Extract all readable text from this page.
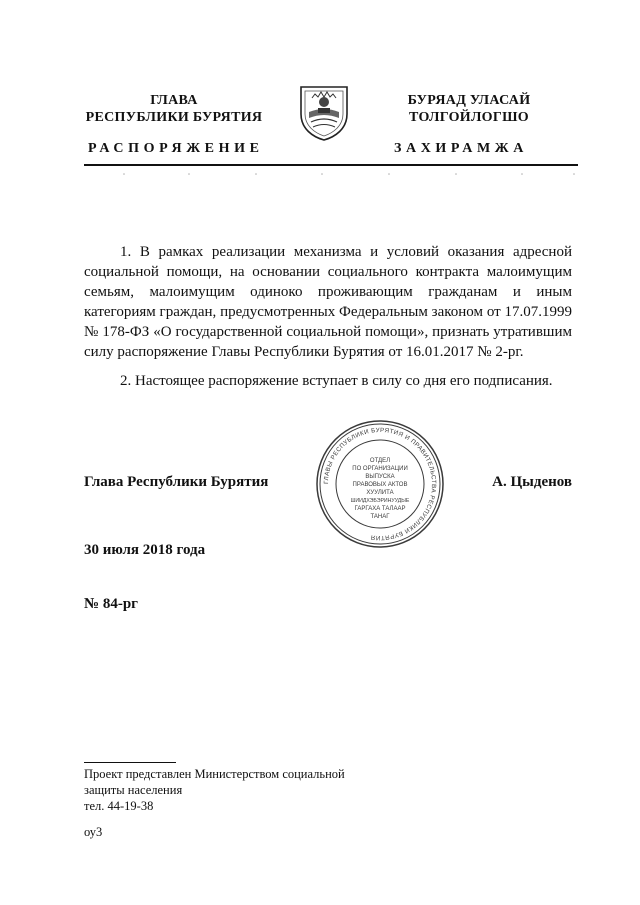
ГЛАВА
РЕСПУБЛИКИ БУРЯТИЯ
БУРЯАД УЛАСАЙ
ТОЛГОЙЛОГШО
РАСПОРЯЖЕНИЕ	ЗАХИРАМЖА
1. В рамках реализации механизма и условий оказания адресной социальной помощи, на основании социального контракта малоимущим семьям, малоимущим одиноко проживающим гражданам и иным категориям граждан, предусмотренных Федеральным законом от 17.07.1999 № 178-ФЗ «О государственной социальной помощи», признать утратившим силу распоряжение Главы Республики Бурятия от 16.01.2017 № 2-рг.
2. Настоящее распоряжение вступает в силу со дня его подписания.
Глава Республики Бурятия	А. Цыденов
ГЛАВЫ РЕСПУБЛИКИ БУРЯТИЯ И ПРАВИТЕЛЬСТВА РЕСПУБЛИКИ БУРЯТИЯ
ОТДЕЛ
ПО ОРГАНИЗАЦИИ
ВЫПУСКА
ПРАВОВЫХ АКТОВ
ХУУЛИТА
ШИИДХЭБЭРИНУУДЫЕ
ГАРГАХА ТАЛААР
ТАНАГ
30 июля 2018 года
№ 84-рг
Проект представлен Министерством социальной
защиты населения
тел. 44-19-38
оу3
